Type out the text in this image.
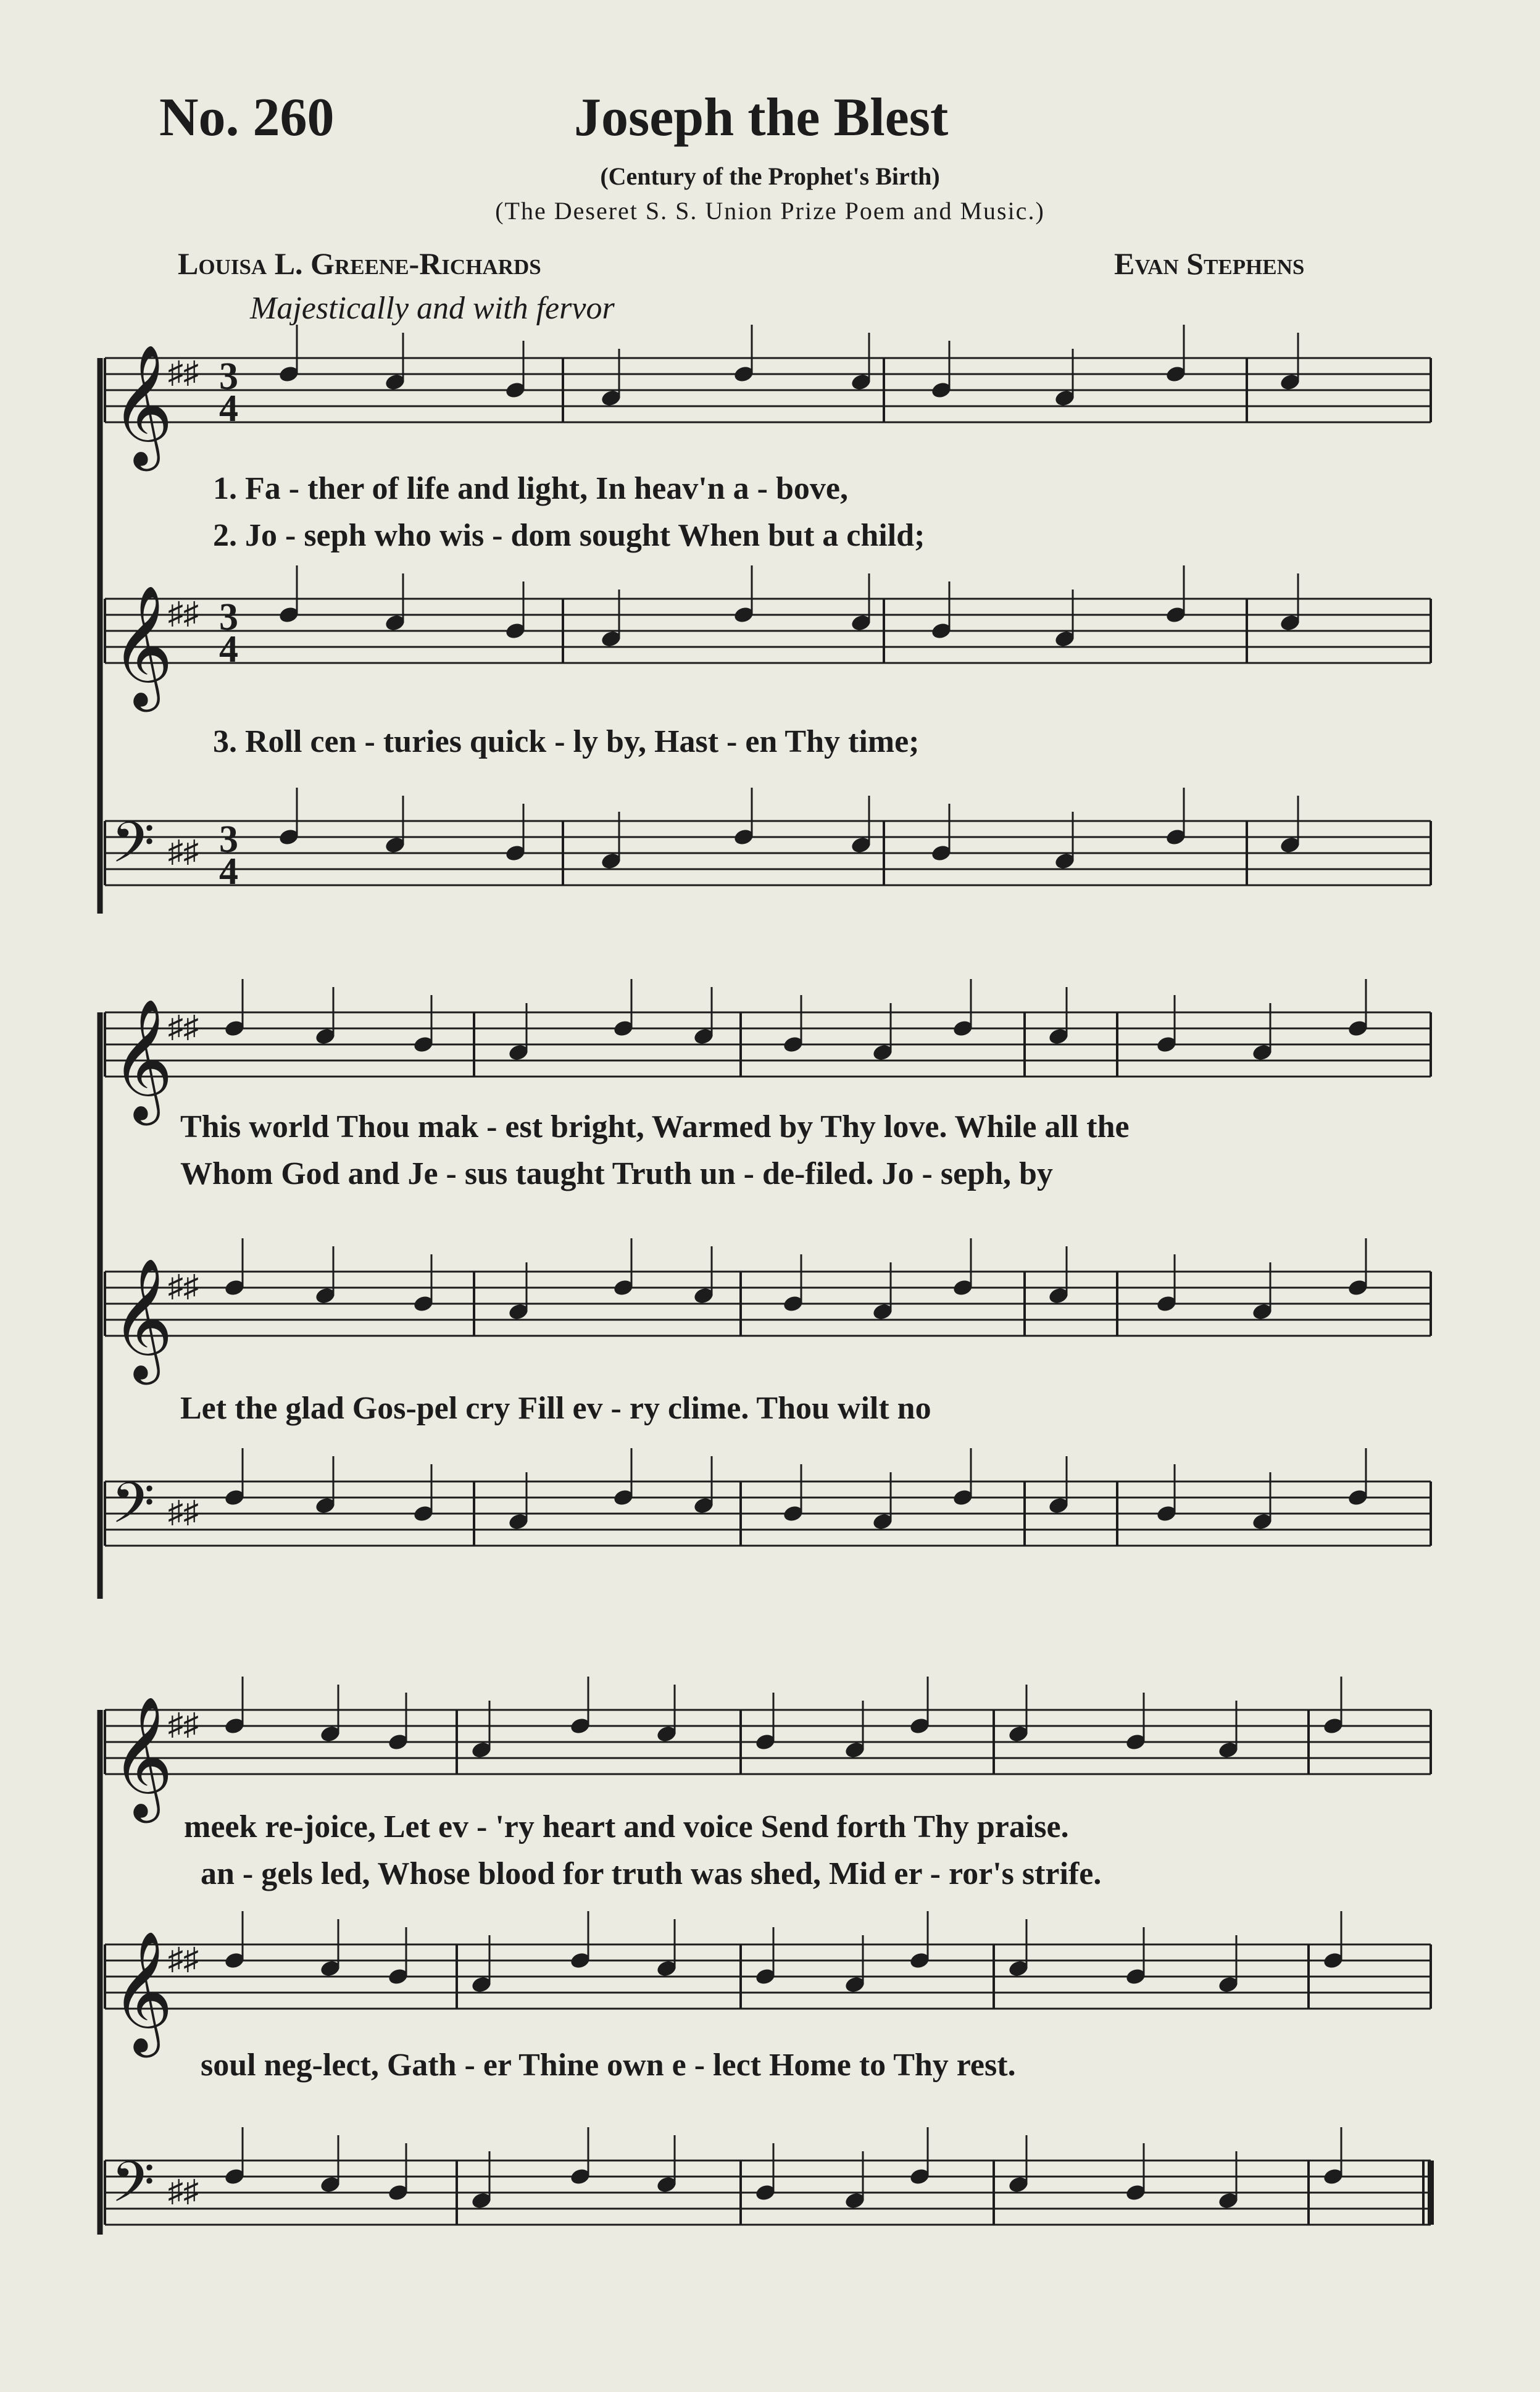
No. 260	Joseph the Blest
(Century of the Prophet's Birth)
(The Deseret S. S. Union Prize Poem and Music.)
Louisa L. Greene-Richards	Evan Stephens
Majestically and with fervor
𝄞
♯♯
𝄞
♯♯
𝄢 ♯♯
3
4
3
4
3
4
𝄞
♯♯
𝄞
♯♯
𝄢 ♯♯
𝄞
♯♯
𝄞
♯♯
𝄢 ♯♯
1. Fa - ther of life and light, In heav'n a - bove,
2. Jo - seph who wis - dom sought When but a child;
3. Roll cen - turies quick - ly by, Hast - en Thy time;
This world Thou mak - est bright, Warmed by Thy love. While all the
Whom God and Je - sus taught Truth un - de-filed. Jo - seph, by
Let the glad Gos-pel cry Fill ev - ry clime. Thou wilt no
meek re-joice, Let ev - 'ry heart and voice Send forth Thy praise.
an - gels led, Whose blood for truth was shed, Mid er - ror's strife.
soul neg-lect, Gath - er Thine own e - lect Home to Thy rest.
